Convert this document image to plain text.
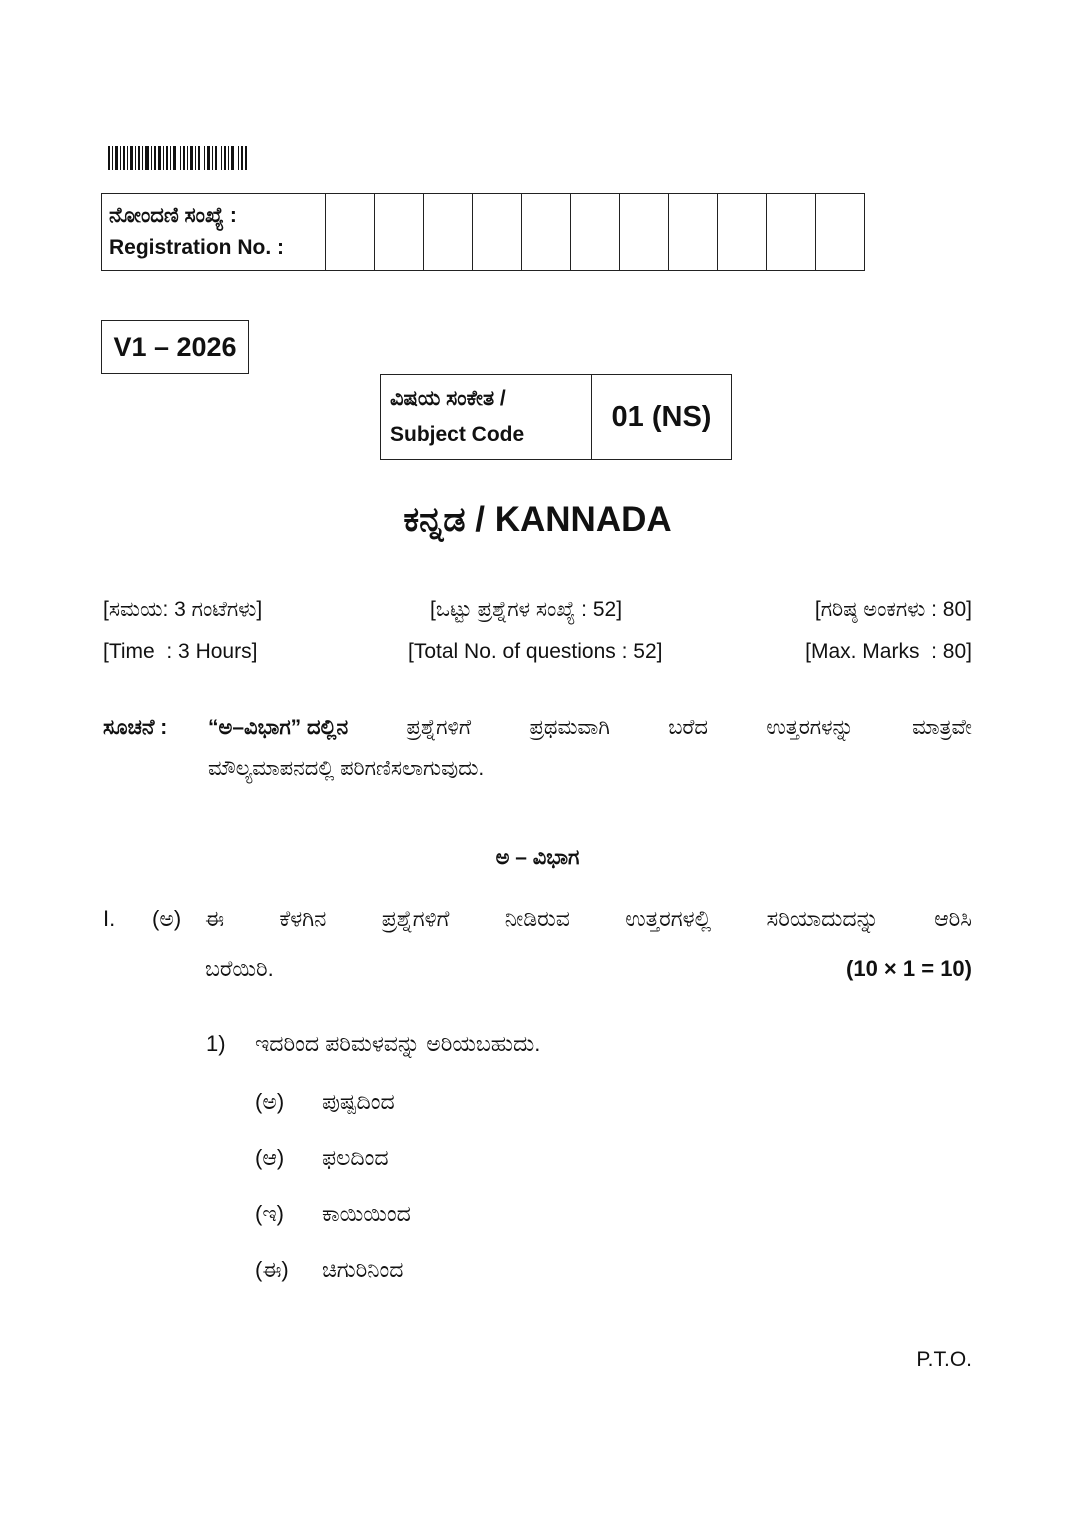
ನೋಂದಣಿ ಸಂಖ್ಯೆ :
Registration No. :

V1 – 2026
ವಿಷಯ ಸಂಕೇತ /
Subject Code
	01 (NS)
ಕನ್ನಡ / KANNADA
[ಸಮಯ: 3 ಗಂಟೆಗಳು]	[ಒಟ್ಟು ಪ್ರಶ್ನೆಗಳ ಸಂಖ್ಯೆ : 52]	[ಗರಿಷ್ಠ ಅಂಕಗಳು : 80]
[Time  : 3 Hours]	[Total No. of questions : 52]	[Max. Marks  : 80]
ಸೂಚನೆ : “ಅ–ವಿಭಾಗ” ದಲ್ಲಿನ	ಪ್ರಶ್ನೆಗಳಿಗೆ	ಪ್ರಥಮವಾಗಿ	ಬರೆದ	ಉತ್ತರಗಳನ್ನು	ಮಾತ್ರವೇ
ಮೌಲ್ಯಮಾಪನದಲ್ಲಿ ಪರಿಗಣಿಸಲಾಗುವುದು.
ಅ – ವಿಭಾಗ
I. (ಅ) ಈ	ಕೆಳಗಿನ	ಪ್ರಶ್ನೆಗಳಿಗೆ	ನೀಡಿರುವ	ಉತ್ತರಗಳಲ್ಲಿ	ಸರಿಯಾದುದನ್ನು	ಆರಿಸಿ
ಬರೆಯಿರಿ.	(10 × 1 = 10)
1) ಇದರಿಂದ ಪರಿಮಳವನ್ನು ಅರಿಯಬಹುದು.
(ಅ) ಪುಷ್ಪದಿಂದ
(ಆ) ಫಲದಿಂದ
(ಇ) ಕಾಯಿಯಿಂದ
(ಈ) ಚಿಗುರಿನಿಂದ
P.T.O.
